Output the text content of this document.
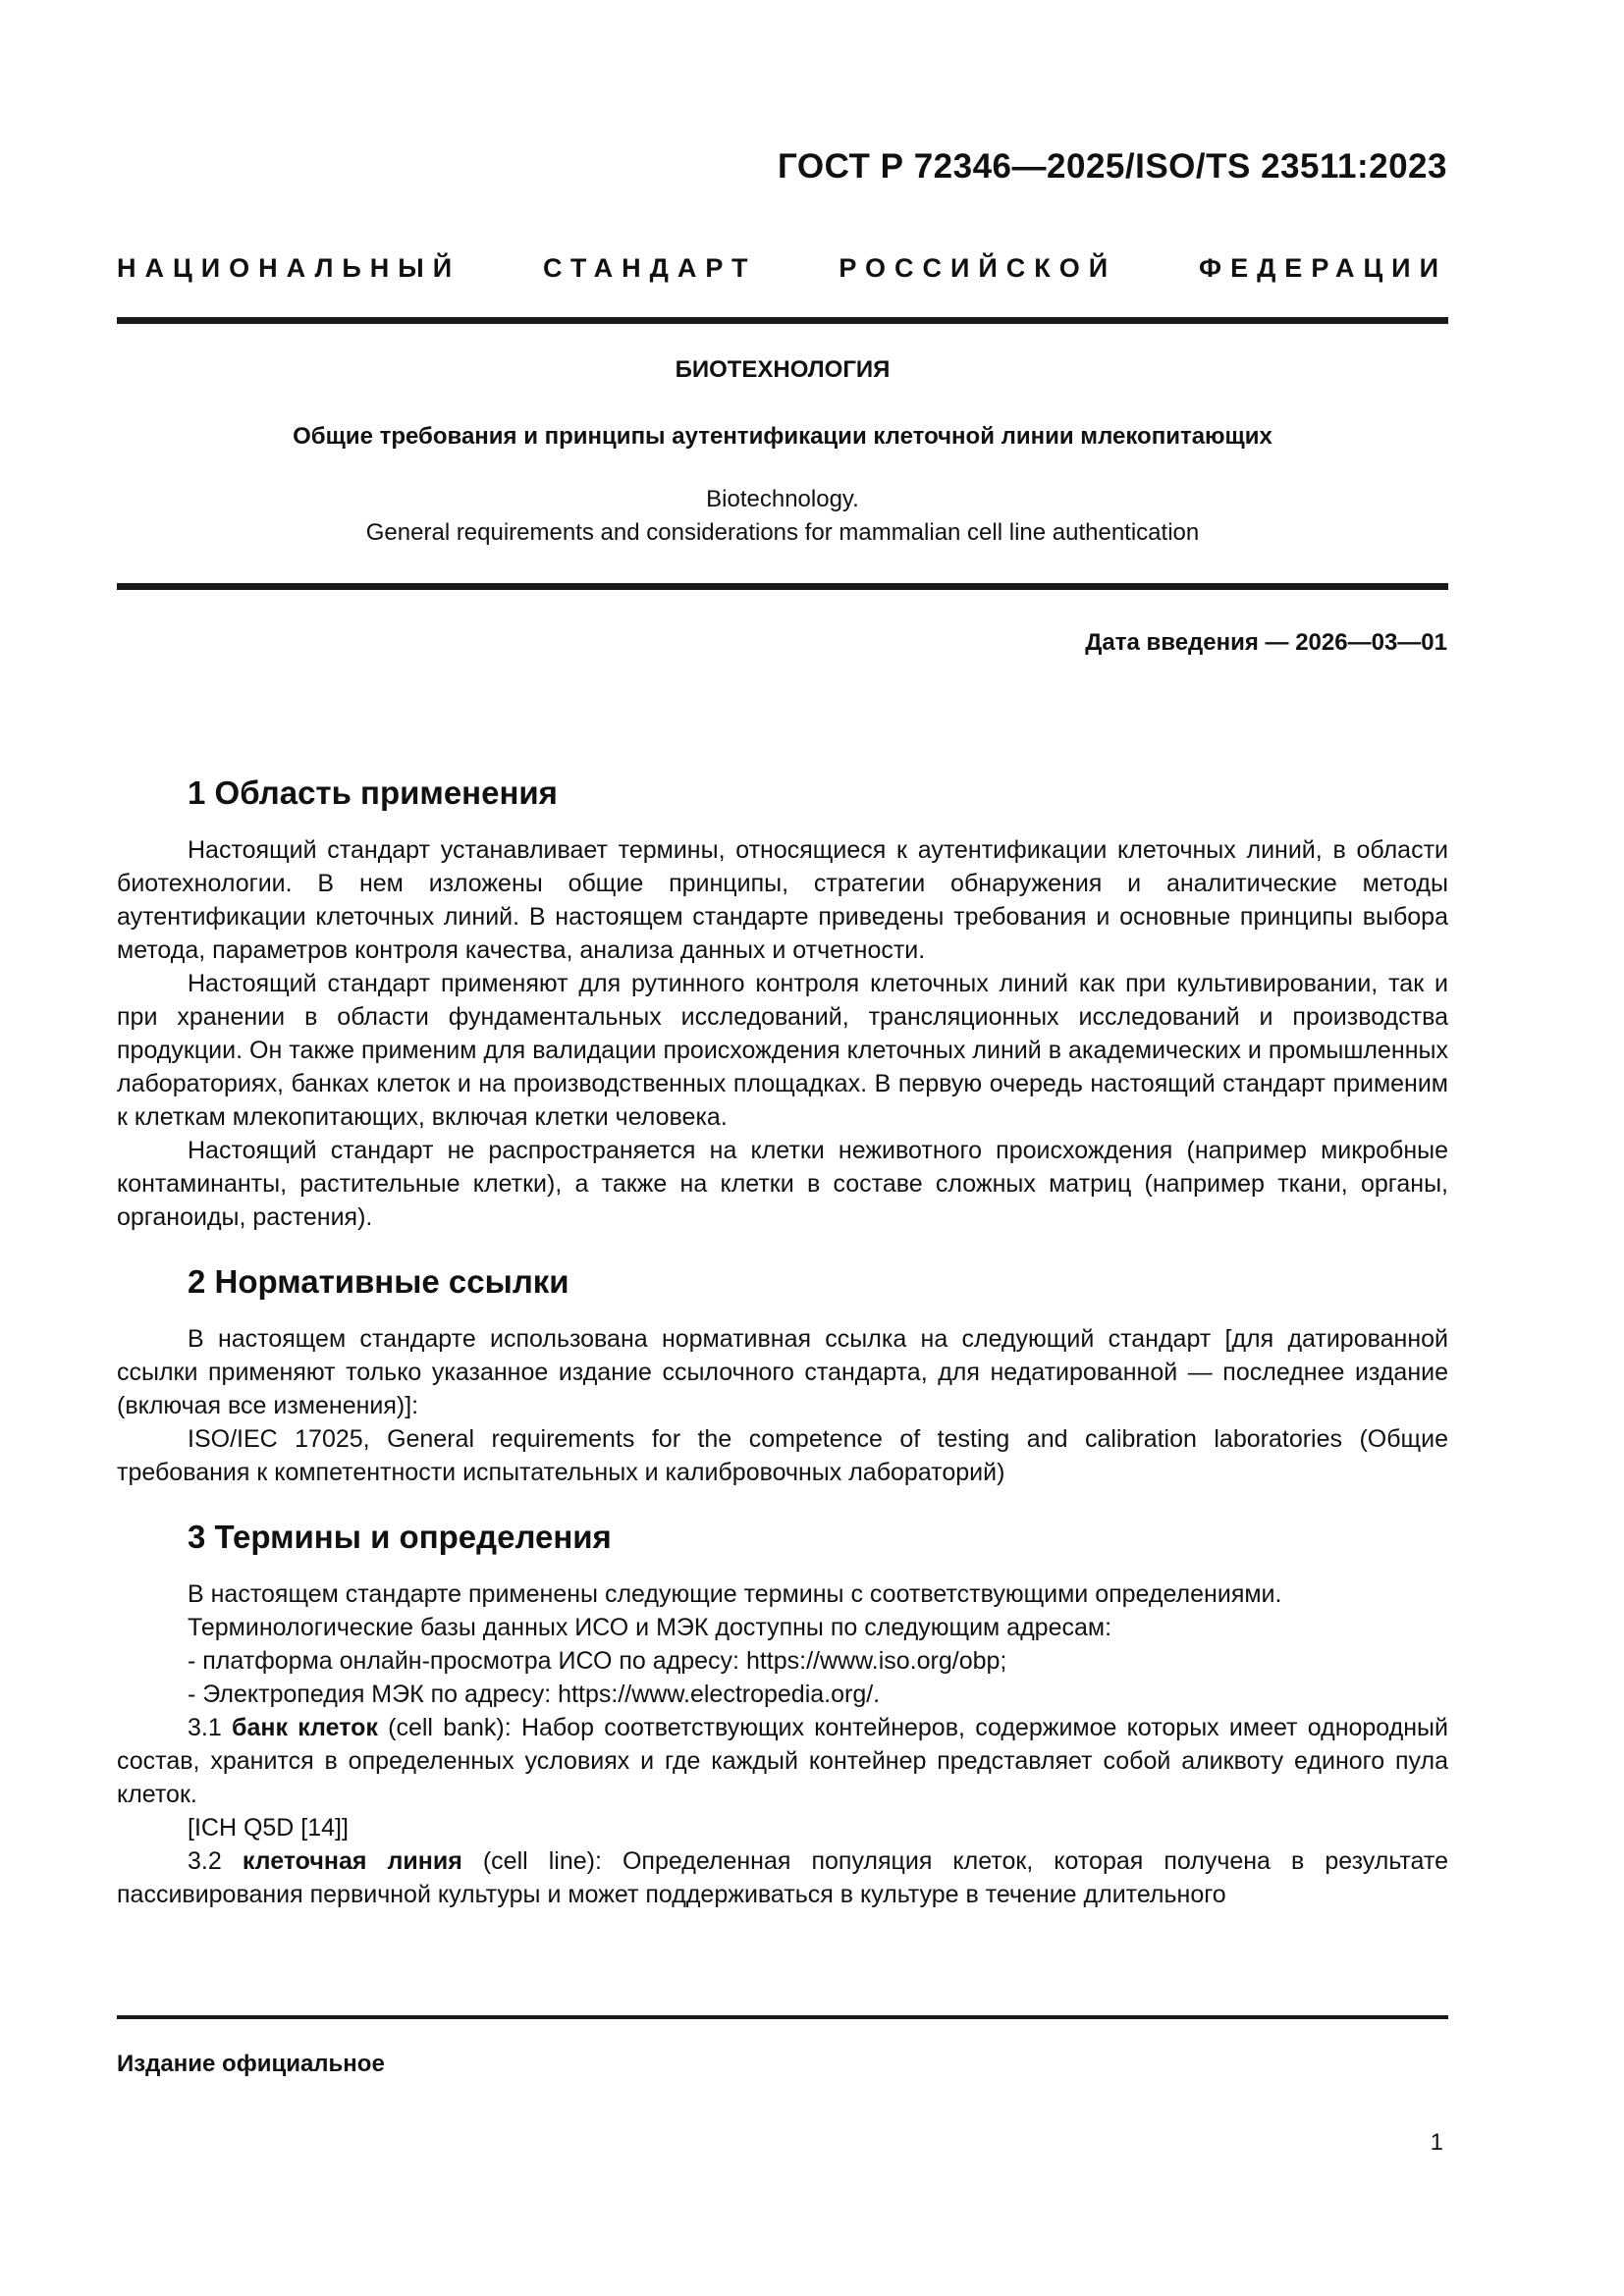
ГОСТ Р 72346—2025/ISO/TS 23511:2023
НАЦИОНАЛЬНЫЙ СТАНДАРТ РОССИЙСКОЙ ФЕДЕРАЦИИ
БИОТЕХНОЛОГИЯ
Общие требования и принципы аутентификации клеточной линии млекопитающих
Biotechnology.
General requirements and considerations for mammalian cell line authentication
Дата введения — 2026—03—01
1 Область применения

Настоящий стандарт устанавливает термины, относящиеся к аутентификации клеточных линий, в области биотехнологии. В нем изложены общие принципы, стратегии обнаружения и аналитические методы аутентификации клеточных линий. В настоящем стандарте приведены требования и основные принципы выбора метода, параметров контроля качества, анализа данных и отчетности.

Настоящий стандарт применяют для рутинного контроля клеточных линий как при культивировании, так и при хранении в области фундаментальных исследований, трансляционных исследований и производства продукции. Он также применим для валидации происхождения клеточных линий в академических и промышленных лабораториях, банках клеток и на производственных площадках. В первую очередь настоящий стандарт применим к клеткам млекопитающих, включая клетки человека.

Настоящий стандарт не распространяется на клетки неживотного происхождения (например микробные контаминанты, растительные клетки), а также на клетки в составе сложных матриц (например ткани, органы, органоиды, растения).

2 Нормативные ссылки

В настоящем стандарте использована нормативная ссылка на следующий стандарт [для датированной ссылки применяют только указанное издание ссылочного стандарта, для недатированной — последнее издание (включая все изменения)]:

ISO/IEC 17025, General requirements for the competence of testing and calibration laboratories (Общие требования к компетентности испытательных и калибровочных лабораторий)

3 Термины и определения

В настоящем стандарте применены следующие термины с соответствующими определениями.

Терминологические базы данных ИСО и МЭК доступны по следующим адресам:

- платформа онлайн-просмотра ИСО по адресу: https://www.iso.org/obp;

- Электропедия МЭК по адресу: https://www.electropedia.org/.

3.1 банк клеток (cell bank): Набор соответствующих контейнеров, содержимое которых имеет однородный состав, хранится в определенных условиях и где каждый контейнер представляет собой аликвоту единого пула клеток.

[ICH Q5D [14]]

3.2 клеточная линия (cell line): Определенная популяция клеток, которая получена в результате пассивирования первичной культуры и может поддерживаться в культуре в течение длительного

Издание официальное
1
